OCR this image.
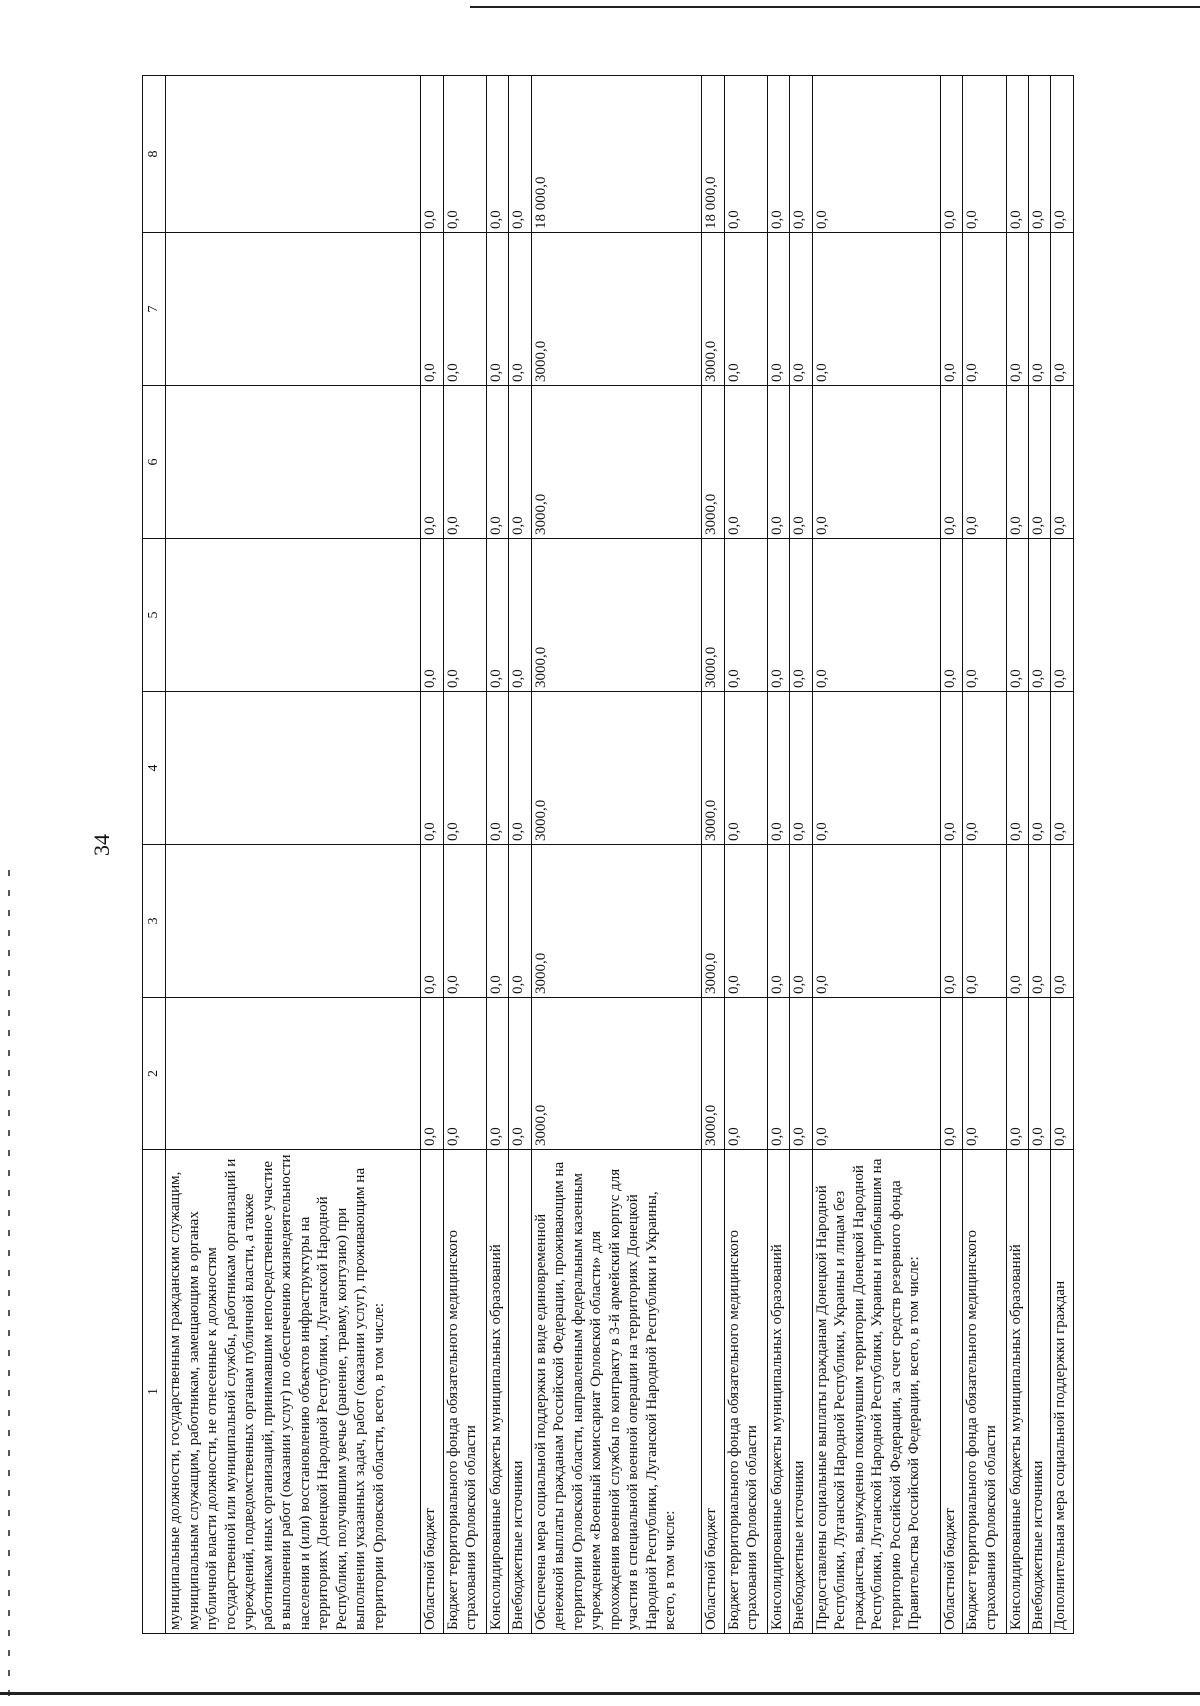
34
1	2	3	4	5	6	7	8
муниципальные должности, государственным гражданским служащим, муниципальным служащим, работникам, замещающим в органах публичной власти должности, не отнесенные к должностям государственной или муниципальной службы, работникам организаций и учреждений, подведомственных органам публичной власти, а также работникам иных организаций, принимавшим непосредственное участие в выполнении работ (оказании услуг) по обеспечению жизнедеятельности населения и (или) восстановлению объектов инфраструктуры на территориях Донецкой Народной Республики, Луганской Народной Республики, получившим увечье (ранение, травму, контузию) при выполнении указанных задач, работ (оказании услуг), проживающим на территории Орловской области, всего, в том числе:							
Областной бюджет	0,0	0,0	0,0	0,0	0,0	0,0	0,0
Бюджет территориального фонда обязательного медицинского страхования Орловской области	0,0	0,0	0,0	0,0	0,0	0,0	0,0
Консолидированные бюджеты муниципальных образований	0,0	0,0	0,0	0,0	0,0	0,0	0,0
Внебюджетные источники	0,0	0,0	0,0	0,0	0,0	0,0	0,0
Обеспечена мера социальной поддержки в виде единовременной денежной выплаты гражданам Российской Федерации, проживающим на территории Орловской области, направленным федеральным казенным учреждением «Военный комиссариат Орловской области» для прохождения военной службы по контракту в 3-й армейский корпус для участия в специальной военной операции на территориях Донецкой Народной Республики, Луганской Народной Республики и Украины, всего, в том числе:	3000,0	3000,0	3000,0	3000,0	3000,0	3000,0	18 000,0
Областной бюджет	3000,0	3000,0	3000,0	3000,0	3000,0	3000,0	18 000,0
Бюджет территориального фонда обязательного медицинского страхования Орловской области	0,0	0,0	0,0	0,0	0,0	0,0	0,0
Консолидированные бюджеты муниципальных образований	0,0	0,0	0,0	0,0	0,0	0,0	0,0
Внебюджетные источники	0,0	0,0	0,0	0,0	0,0	0,0	0,0
Предоставлены социальные выплаты гражданам Донецкой Народной Республики, Луганской Народной Республики, Украины и лицам без гражданства, вынужденно покинувшим территории Донецкой Народной Республики, Луганской Народной Республики, Украины и прибывшим на территорию Российской Федерации, за счет средств резервного фонда Правительства Российской Федерации, всего, в том числе:	0,0	0,0	0,0	0,0	0,0	0,0	0,0
Областной бюджет	0,0	0,0	0,0	0,0	0,0	0,0	0,0
Бюджет территориального фонда обязательного медицинского страхования Орловской области	0,0	0,0	0,0	0,0	0,0	0,0	0,0
Консолидированные бюджеты муниципальных образований	0,0	0,0	0,0	0,0	0,0	0,0	0,0
Внебюджетные источники	0,0	0,0	0,0	0,0	0,0	0,0	0,0
Дополнительная мера социальной поддержки граждан	0,0	0,0	0,0	0,0	0,0	0,0	0,0
